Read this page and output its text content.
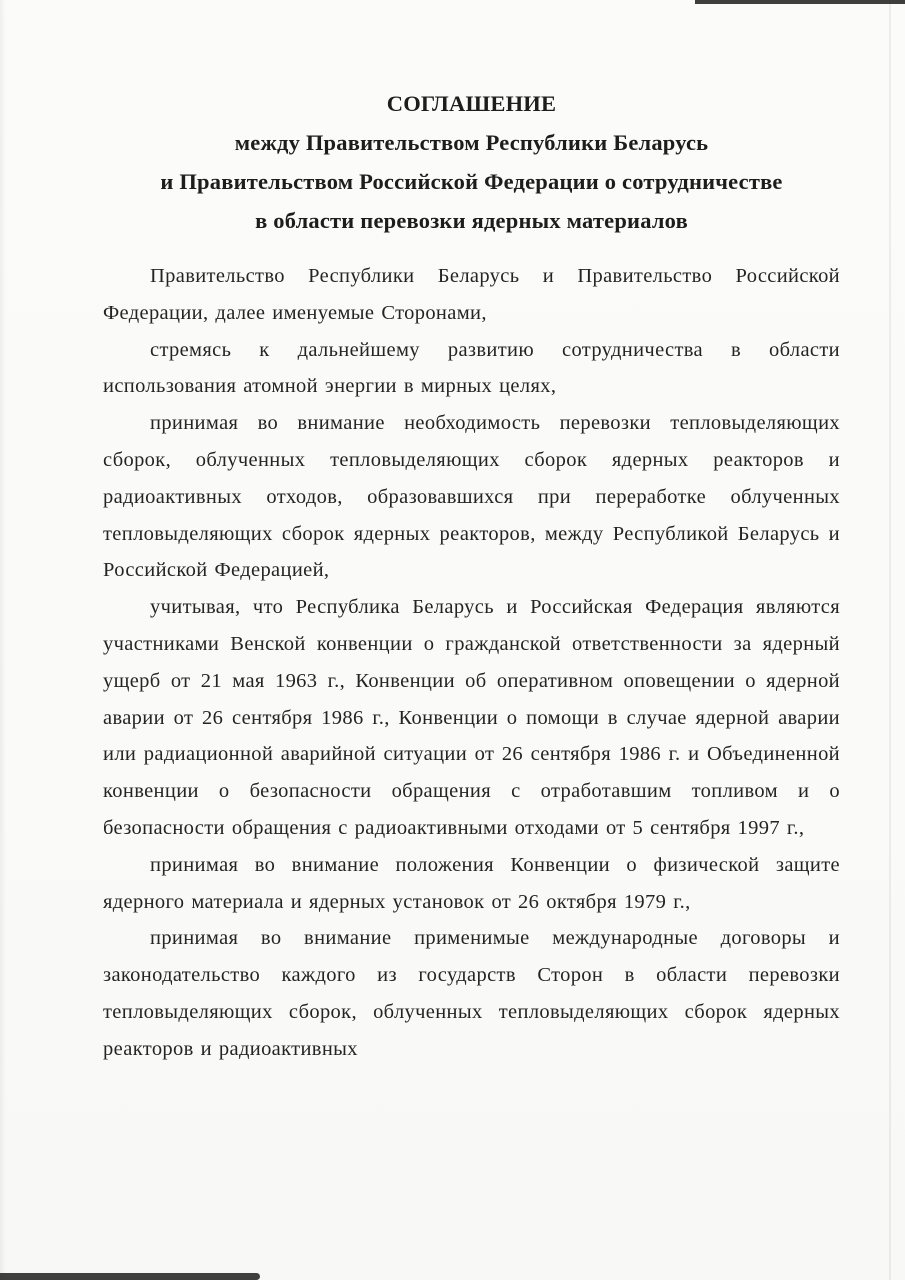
СОГЛАШЕНИЕ
между Правительством Республики Беларусь
и Правительством Российской Федерации о сотрудничестве
в области перевозки ядерных материалов

Правительство Республики Беларусь и Правительство Российской Федерации, далее именуемые Сторонами,

стремясь к дальнейшему развитию сотрудничества в области использования атомной энергии в мирных целях,

принимая во внимание необходимость перевозки тепловыделяющих сборок, облученных тепловыделяющих сборок ядерных реакторов и радиоактивных отходов, образовавшихся при переработке облученных тепловыделяющих сборок ядерных реакторов, между Республикой Беларусь и Российской Федерацией,

учитывая, что Республика Беларусь и Российская Федерация являются участниками Венской конвенции о гражданской ответственности за ядерный ущерб от 21 мая 1963 г., Конвенции об оперативном оповещении о ядерной аварии от 26 сентября 1986 г., Конвенции о помощи в случае ядерной аварии или радиационной аварийной ситуации от 26 сентября 1986 г. и Объединенной конвенции о безопасности обращения с отработавшим топливом и о безопасности обращения с радиоактивными отходами от 5 сентября 1997 г.,

принимая во внимание положения Конвенции о физической защите ядерного материала и ядерных установок от 26 октября 1979 г.,

принимая во внимание применимые международные договоры и законодательство каждого из государств Сторон в области перевозки тепловыделяющих сборок, облученных тепловыделяющих сборок ядерных реакторов и радиоактивных
